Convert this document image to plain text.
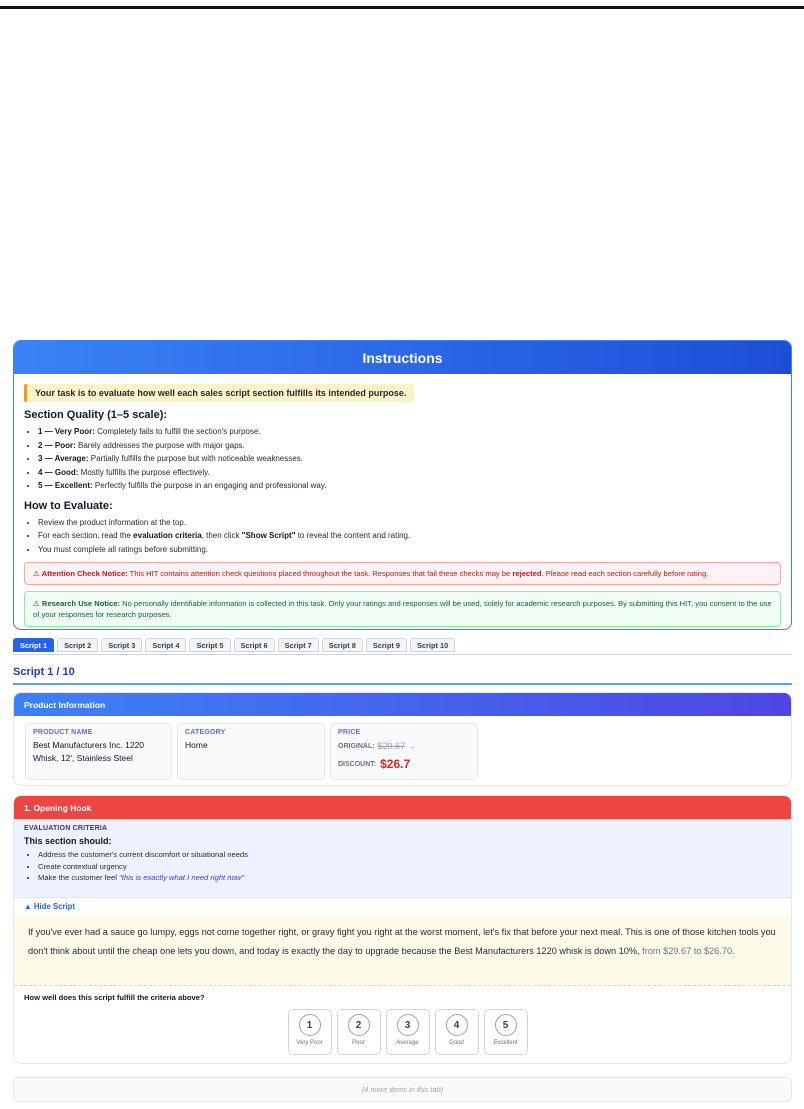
Instructions
Your task is to evaluate how well each sales script section fulfills its intended purpose.
Section Quality (1–5 scale):
• 1 — Very Poor: Completely fails to fulfill the section's purpose.
• 2 — Poor: Barely addresses the purpose with major gaps.
• 3 — Average: Partially fulfills the purpose but with noticeable weaknesses.
• 4 — Good: Mostly fulfills the purpose effectively.
• 5 — Excellent: Perfectly fulfills the purpose in an engaging and professional way.
How to Evaluate:
• Review the product information at the top.
• For each section, read the evaluation criteria, then click "Show Script" to reveal the content and rating.
• You must complete all ratings before submitting.
⚠ Attention Check Notice: This HIT contains attention check questions placed throughout the task. Responses that fail these checks may be rejected. Please read each section carefully before rating.
⚠ Research Use Notice: No personally identifiable information is collected in this task. Only your ratings and responses will be used, solely for academic research purposes. By submitting this HIT, you consent to the use of your responses for research purposes.
Script 1	Script 2	Script 3	Script 4	Script 5	Script 6	Script 7	Script 8	Script 9	Script 10
Script 1 / 10
Product Information
PRODUCT NAME
Best Manufacturers Inc. 1220 Whisk, 12', Stainless Steel
CATEGORY
Home
PRICE
ORIGINAL: $29.67 →
DISCOUNT: $26.7
1. Opening Hook
EVALUATION CRITERIA
This section should:
• Address the customer's current discomfort or situational needs
• Create contextual urgency
• Make the customer feel "this is exactly what I need right now"
▲ Hide Script
If you've ever had a sauce go lumpy, eggs not come together right, or gravy fight you right at the worst moment, let's fix that before your next meal. This is one of those kitchen tools you don't think about until the cheap one lets you down, and today is exactly the day to upgrade because the Best Manufacturers 1220 whisk is down 10%, from $29.67 to $26.70.
How well does this script fulfill the criteria above?
1
Very Poor
2
Poor
3
Average
4
Good
5
Excellent
(4 more items in this tab)
